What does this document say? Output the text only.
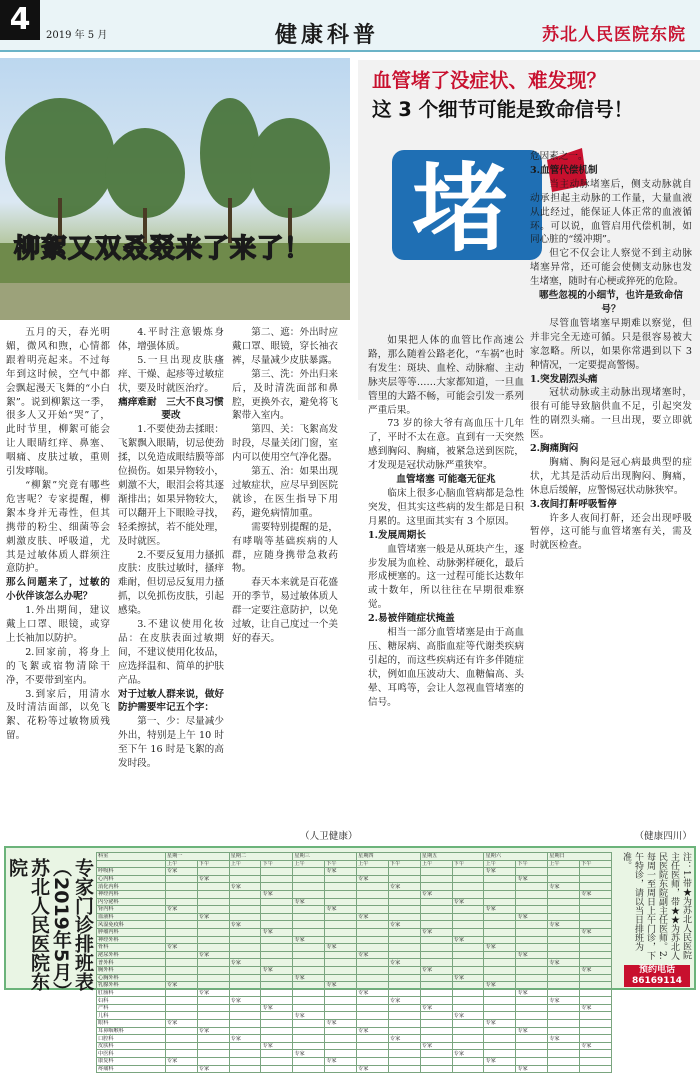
4	2019 年 5 月	健康科普	苏北人民医院东院
柳絮又双叒叕来了来了！

五月的天，春光明媚，微风和煦，心情都跟着明亮起来。不过每年到这时候，空气中都会飘起漫天飞舞的“小白絮”。说到柳絮这一季，很多人又开始“哭”了，此时节里，柳絮可能会让人眼睛红痒、鼻塞、咽痛、皮肤过敏，重则引发哮喘。

“柳絮”究竟有哪些危害呢？专家提醒，柳絮本身并无毒性，但其携带的粉尘、细菌等会刺激皮肤、呼吸道，尤其是过敏体质人群须注意防护。

那么问题来了，过敏的小伙伴该怎么办呢？

1.外出期间，建议戴上口罩、眼镜，或穿上长袖加以防护。

2.回家前，将身上的飞絮或宿物清除干净，不要带到室内。

3.到家后，用清水及时清洁面部，以免飞絮、花粉等过敏物质残留。

4.平时注意锻炼身体，增强体质。

5.一旦出现皮肤瘙痒、干燥、起疹等过敏症状，要及时就医治疗。

痛痒难耐　三大不良习惯要改

1.不要使劲去揉眼：飞絮飘入眼睛，切忌使劲揉，以免造成眼结膜等部位损伤。如果异物较小，刺激不大，眼泪会将其逐渐排出；如果异物较大，可以翻开上下眼睑寻找，轻柔擦拭，若不能处理，及时就医。

2.不要反复用力搔抓皮肤：皮肤过敏时，搔痒难耐，但切忌反复用力搔抓，以免抓伤皮肤，引起感染。

3.不建议使用化妆品：在皮肤表面过敏期间，不建议使用化妆品，应选择温和、简单的护肤产品。

对于过敏人群来说，做好防护需要牢记五个字：

第一、少：尽量减少外出，特别是上午 10 时至下午 16 时是飞絮的高发时段。

第二、遮：外出时应戴口罩、眼镜，穿长袖衣裤，尽量减少皮肤暴露。

第三、洗：外出归来后，及时清洗面部和鼻腔，更换外衣，避免将飞絮带入室内。

第四、关：飞絮高发时段，尽量关闭门窗，室内可以使用空气净化器。

第五、治：如果出现过敏症状，应尽早到医院就诊，在医生指导下用药，避免病情加重。

需要特别提醒的是，有哮喘等基础疾病的人群，应随身携带急救药物。

春天本来就是百花盛开的季节，易过敏体质人群一定要注意防护，以免过敏，让自己度过一个美好的春天。

（人卫健康）
血管堵了没症状、难发现？
这 3 个细节可能是致命信号！
堵

如果把人体的血管比作高速公路，那么随着公路老化，“车祸”也时有发生：斑块、血栓、动脉瘤、主动脉夹层等等……大家都知道，一旦血管里的大路不畅，可能会引发一系列严重后果。

73 岁的徐大爷有高血压十几年了，平时不太在意。直到有一天突然感到胸闷、胸痛，被紧急送到医院，才发现是冠状动脉严重狭窄。

血管堵塞 可能毫无征兆

临床上很多心脑血管病都是急性突发，但其实这些病的发生都是日积月累的。这里面其实有 3 个原因。

1.发展周期长

血管堵塞一般是从斑块产生，逐步发展为血栓、动脉粥样硬化，最后形成梗塞的。这一过程可能长达数年或十数年，所以往往在早期很难察觉。

2.易被伴随症状掩盖

相当一部分血管堵塞是由于高血压、糖尿病、高脂血症等代谢类疾病引起的，而这些疾病还有许多伴随症状，例如血压波动大、血糖偏高、头晕、耳鸣等，会让人忽视血管堵塞的信号。

危因素之一。

3.血管代偿机制

当主动脉堵塞后，侧支动脉就自动承担起主动脉的工作量，大量血液从此经过，能保证人体正常的血液循环。可以说，血管启用代偿机制，如同心脏的“缓冲期”。

但它不仅会让人察觉不到主动脉堵塞异常，还可能会使侧支动脉也发生堵塞，随时有心梗或猝死的危险。

哪些忽视的小细节，也许是致命信号？

尽管血管堵塞早期难以察觉，但并非完全无迹可循。只是很容易被大家忽略。所以，如果你常遇到以下 3 种情况，一定要提高警惕。

1.突发剧烈头痛

冠状动脉或主动脉出现堵塞时，很有可能导致脑供血不足，引起突发性的剧烈头痛。一旦出现，要立即就医。

2.胸痛胸闷

胸痛、胸闷是冠心病最典型的症状，尤其是活动后出现胸闷、胸痛，休息后缓解，应警惕冠状动脉狭窄。

3.夜间打鼾呼吸暂停

许多人夜间打鼾，还会出现呼吸暂停，这可能与血管堵塞有关，需及时就医检查。

（健康四川）
专家门诊排班表（2019年5月）苏北人民医院东院
科室	星期一		星期二		星期三		星期四		星期五		星期六		星期日	
	上午	下午	上午	下午	上午	下午	上午	下午	上午	下午	上午	下午	上午	下午
呼吸科	专家					专家					专家			
心内科		专家					专家					专家		
消化内科			专家					专家					专家	
神经内科				专家					专家					专家
内分泌科					专家					专家				
肾内科	专家					专家					专家			
血液科		专家					专家					专家		
风湿免疫科			专家					专家					专家	
肿瘤内科				专家					专家					专家
神经外科					专家					专家				
骨科	专家					专家					专家			
泌尿外科		专家					专家					专家		
普外科			专家					专家					专家	
胸外科				专家					专家					专家
心胸外科					专家					专家				
乳腺外科	专家					专家					专家			
肛肠科		专家					专家					专家		
妇科			专家					专家					专家	
产科				专家					专家					专家
儿科					专家					专家				
眼科	专家					专家					专家			
耳鼻咽喉科		专家					专家					专家		
口腔科			专家					专家					专家	
皮肤科				专家					专家					专家
中医科					专家					专家				
康复科	专家					专家					专家			
疼痛科		专家					专家					专家		
注：1.带★为苏北人民医院主任医师，带★★为苏北人民医院东院副主任医师。2.每周一至周日上午门诊，下午特诊，请以当日排班为准。
预约电话
86169114
